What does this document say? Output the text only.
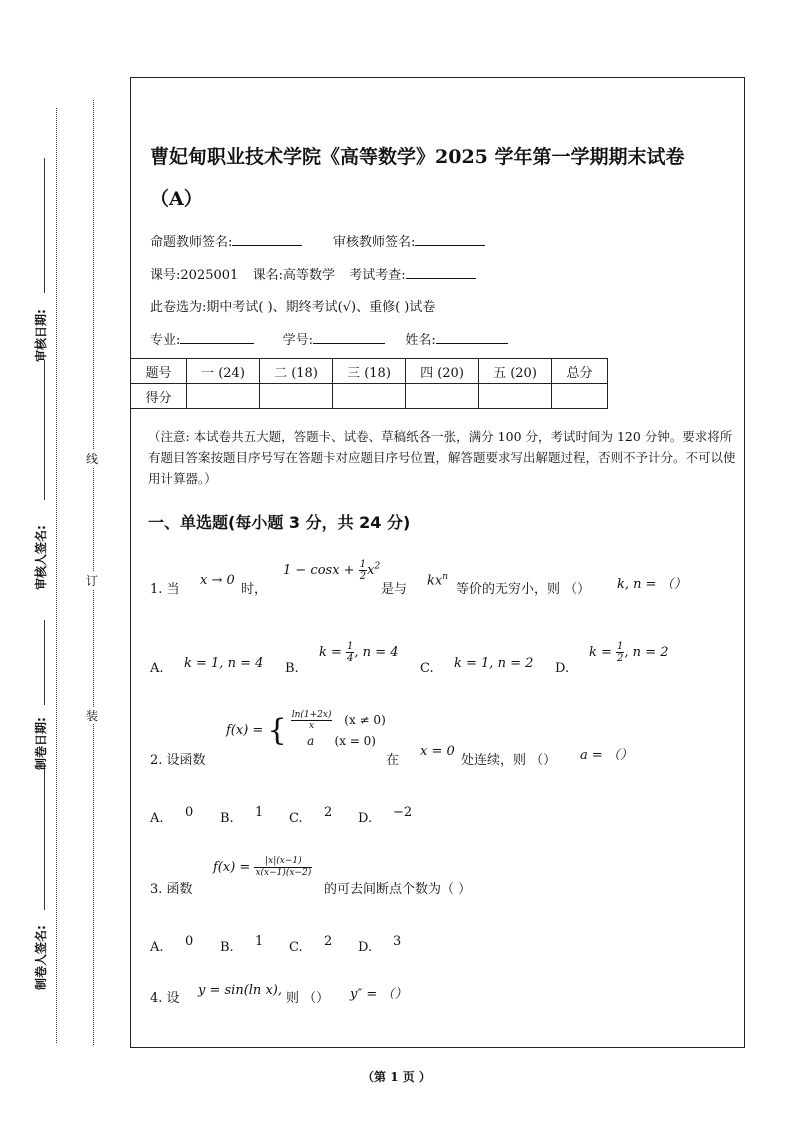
审核日期:
审核人签名:
制卷日期:
制卷人签名:
线
订
装
曹妃甸职业技术学院《高等数学》2025 学年第一学期期末试卷
（A）
命题教师签名:	审核教师签名:
课号:2025001 课名:高等数学 考试考查:
此卷选为:期中考试( )、期终考试(√)、重修( )试卷
专业:	学号:	姓名:
题号	一 (24)	二 (18)	三 (18)	四 (20)	五 (20)	总分
得分						
（注意: 本试卷共五大题，答题卡、试卷、草稿纸各一张，满分 100 分，考试时间为 120 分钟。要求将所有题目答案按题目序号写在答题卡对应题目序号位置，解答题要求写出解题过程，否则不予计分。不可以使用计算器。）
一、单选题(每小题 3 分，共 24 分)
1. 当
x → 0
时，
$1 - \cos x + \frac{1}{2} x^2$
是与
$kx^n$
等价的无穷小，则 （） k, n = （）
A. k = 1, n = 4 B.
$k = \frac{1}{4}$ , n = 4
C. k = 1, n = 2 D.
$k = \frac{1}{2}$ , n = 2
f(x) = { $\frac{\ln(1+2x)}{x} (x \ne 0)$
a (x = 0)
2. 设函数	在
x = 0
处连续，则 （） a = （）
A. 0 B. 1 C. 2 D. −2
$f(x) = \frac{|x|(x-1)}{x(x-1)(x-2)}$
3. 函数	的可去间断点个数为（ ）
A. 0 B. 1 C. 2 D. 3
4. 设
y = sin(ln x),
则 （） y″ = （）
（第 1 页 ）
